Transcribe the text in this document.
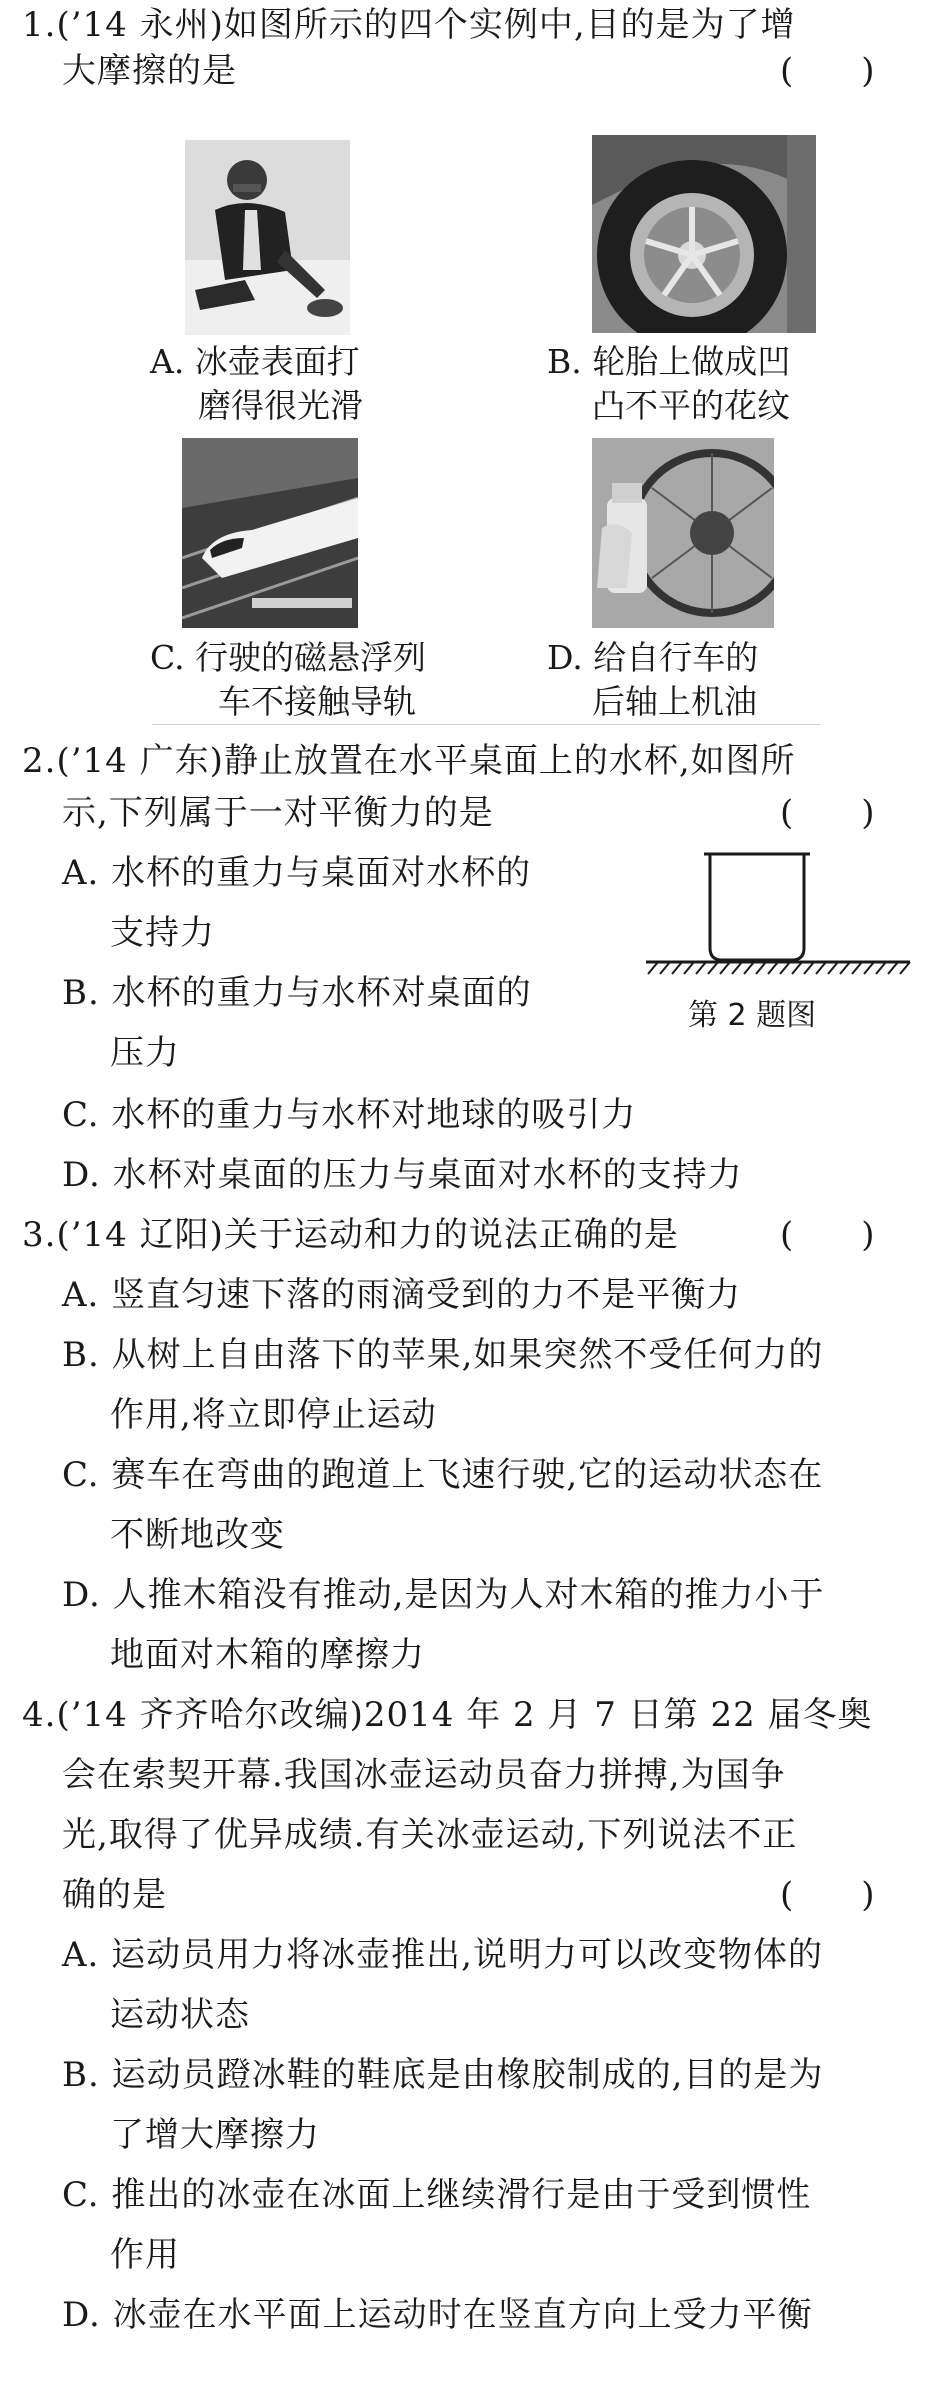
1.(’14 永州)如图所示的四个实例中,目的是为了增
大摩擦的是	(　　)
A. 冰壶表面打
磨得很光滑
B. 轮胎上做成凹
凸不平的花纹
C. 行驶的磁悬浮列
车不接触导轨
D. 给自行车的
后轴上机油
2.(’14 广东)静止放置在水平桌面上的水杯,如图所
示,下列属于一对平衡力的是	(　　)
A. 水杯的重力与桌面对水杯的
支持力
B. 水杯的重力与水杯对桌面的
压力
C. 水杯的重力与水杯对地球的吸引力
D. 水杯对桌面的压力与桌面对水杯的支持力
第 2 题图
3.(’14 辽阳)关于运动和力的说法正确的是	(　　)
A. 竖直匀速下落的雨滴受到的力不是平衡力
B. 从树上自由落下的苹果,如果突然不受任何力的
作用,将立即停止运动
C. 赛车在弯曲的跑道上飞速行驶,它的运动状态在
不断地改变
D. 人推木箱没有推动,是因为人对木箱的推力小于
地面对木箱的摩擦力
4.(’14 齐齐哈尔改编)2014 年 2 月 7 日第 22 届冬奥
会在索契开幕.我国冰壶运动员奋力拼搏,为国争
光,取得了优异成绩.有关冰壶运动,下列说法不正
确的是	(　　)
A. 运动员用力将冰壶推出,说明力可以改变物体的
运动状态
B. 运动员蹬冰鞋的鞋底是由橡胶制成的,目的是为
了增大摩擦力
C. 推出的冰壶在冰面上继续滑行是由于受到惯性
作用
D. 冰壶在水平面上运动时在竖直方向上受力平衡
